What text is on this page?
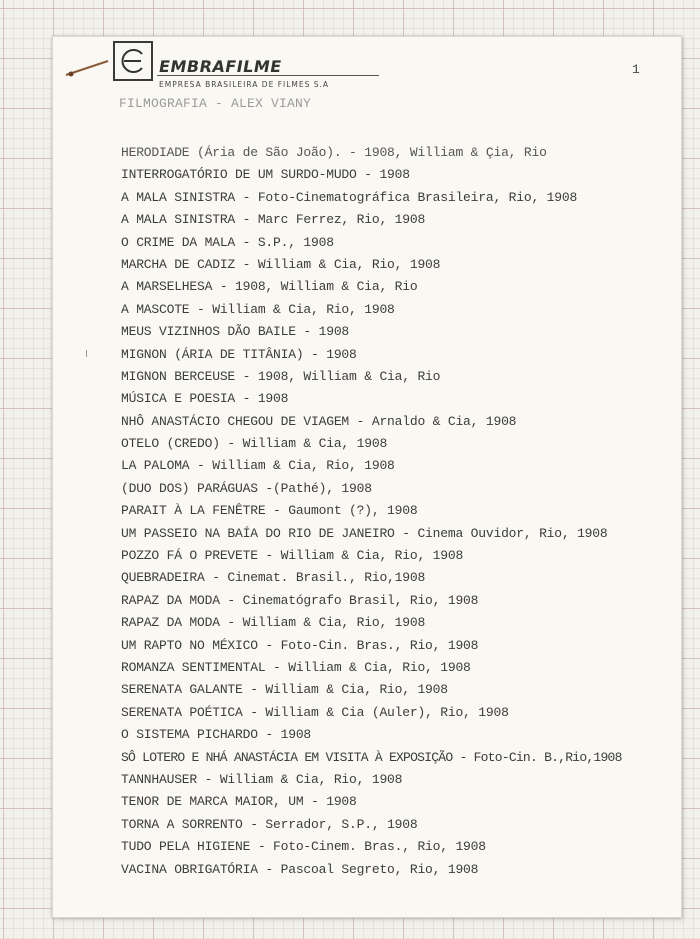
EMBRAFILME
EMPRESA BRASILEIRA DE FILMES S.A
1
FILMOGRAFIA - ALEX VIANY
HERODIADE (Ária de São João). - 1908, William & Çia, Rio
INTERROGATÓRIO DE UM SURDO-MUDO - 1908
A MALA SINISTRA - Foto-Cinematográfica Brasileira, Rio, 1908
A MALA SINISTRA - Marc Ferrez, Rio, 1908
O CRIME DA MALA - S.P., 1908
MARCHA DE CADIZ - William & Cia, Rio, 1908
A MARSELHESA - 1908, William & Cia, Rio
A MASCOTE - William & Cia, Rio, 1908
MEUS VIZINHOS DÃO BAILE - 1908
MIGNON (ÁRIA DE TITÂNIA) - 1908
MIGNON BERCEUSE - 1908, William & Cia, Rio
MÚSICA E POESIA - 1908
NHÔ ANASTÁCIO CHEGOU DE VIAGEM - Arnaldo & Cia, 1908
OTELO (CREDO) - William & Cia, 1908
LA PALOMA - William & Cia, Rio, 1908
(DUO DOS) PARÁGUAS -(Pathé), 1908
PARAIT À LA FENÊTRE - Gaumont (?), 1908
UM PASSEIO NA BAÍA DO RIO DE JANEIRO - Cinema Ouvidor, Rio, 1908
POZZO FÁ O PREVETE - William & Cia, Rio, 1908
QUEBRADEIRA - Cinemat. Brasil., Rio,1908
RAPAZ DA MODA - Cinematógrafo Brasil, Rio, 1908
RAPAZ DA MODA - William & Cia, Rio, 1908
UM RAPTO NO MÉXICO - Foto-Cin. Bras., Rio, 1908
ROMANZA SENTIMENTAL - William & Cia, Rio, 1908
SERENATA GALANTE - William & Cia, Rio, 1908
SERENATA POÉTICA - William & Cia (Auler), Rio, 1908
O SISTEMA PICHARDO - 1908
SÔ LOTERO E NHÁ ANASTÁCIA EM VISITA À EXPOSIÇÃO - Foto-Cin. B.,Rio,1908
TANNHAUSER - William & Cia, Rio, 1908
TENOR DE MARCA MAIOR, UM - 1908
TORNA A SORRENTO - Serrador, S.P., 1908
TUDO PELA HIGIENE - Foto-Cinem. Bras., Rio, 1908
VACINA OBRIGATÓRIA - Pascoal Segreto, Rio, 1908
